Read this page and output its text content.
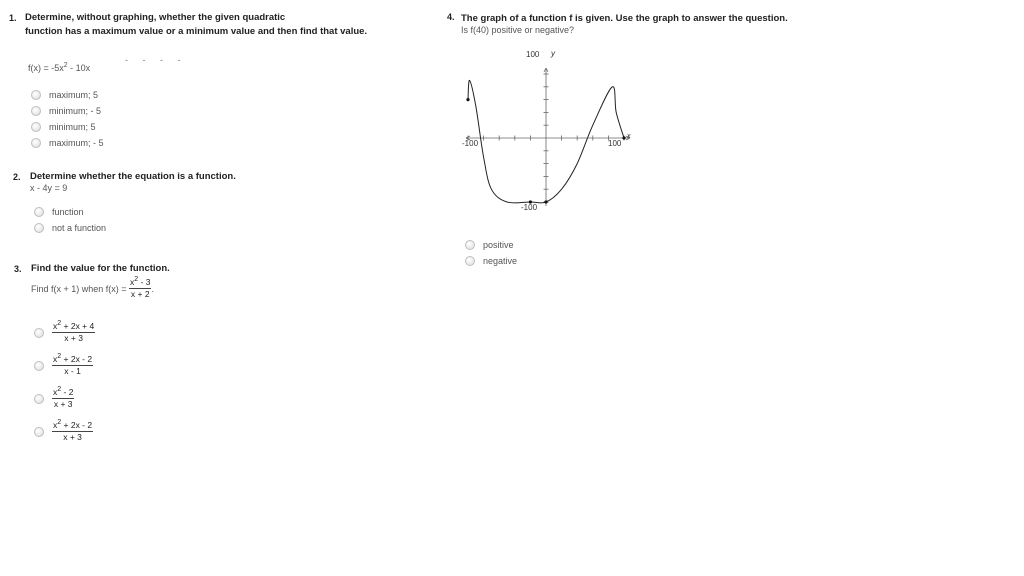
1. Determine, without graphing, whether the given quadratic
function has a maximum value or a minimum value and then find that value.
$f(x) = -5x^2 - 10x$
- - - -
maximum; 5
minimum; - 5
minimum; 5
maximum; - 5
2. Determine whether the equation is a function.
x - 4y = 9
function
not a function
3. Find the value for the function.
Find f(x + 1) when $f(x) = \frac{x^2 - 3}{x + 2}$ .
$\frac{x^2 + 2x + 4}{x + 3}$
$\frac{x^2 + 2x - 2}{x - 1}$
$\frac{x^2 - 2}{x + 3}$
$\frac{x^2 + 2x - 2}{x + 3}$
4. The graph of a function f is given. Use the graph to answer the question.
Is f(40) positive or negative?
100 y
-100	100
x
-100
positive
negative
